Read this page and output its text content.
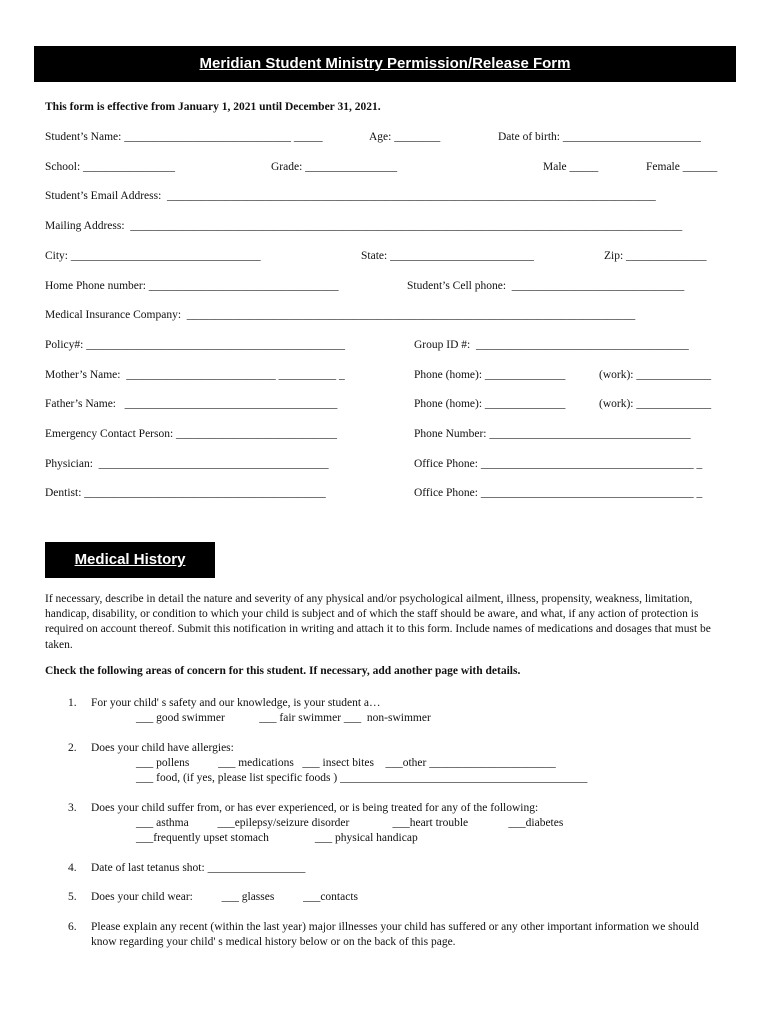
Meridian Student Ministry Permission/Release Form
This form is effective from January 1, 2021 until December 31, 2021.
Student’s Name: _____________________________ _____	Age: ________	Date of birth: ________________________
School: ________________	Grade: ________________	Male _____	Female ______
Student’s Email Address:  _____________________________________________________________________________________
Mailing Address:  ________________________________________________________________________________________________
City: _________________________________	State: _________________________	Zip: ______________
Home Phone number: _________________________________	Student’s Cell phone:  ______________________________
Medical Insurance Company:  ______________________________________________________________________________
Policy#: _____________________________________________	Group ID #:  _____________________________________
Mother’s Name:  __________________________ __________ _	Phone (home): ______________	(work): _____________
Father’s Name:   _____________________________________	Phone (home): ______________	(work): _____________
Emergency Contact Person: ____________________________	Phone Number: ___________________________________
Physician:  ________________________________________	Office Phone: _____________________________________ _
Dentist: __________________________________________	Office Phone: _____________________________________ _
Medical History
If necessary, describe in detail the nature and severity of any physical and/or psychological ailment, illness, propensity, weakness, limitation, handicap, disability, or condition to which your child is subject and of which the staff should be aware, and what, if any action of protection is required on account thereof. Submit this notification in writing and attach it to this form. Include names of medications and dosages that must be taken.
Check the following areas of concern for this student. If necessary, add another page with details.
1. For your child' s safety and our knowledge, is your student a…
___ good swimmer            ___ fair swimmer ___  non-swimmer
2. Does your child have allergies:
___ pollens          ___ medications   ___ insect bites    ___other ______________________
___ food, (if yes, please list specific foods ) ___________________________________________
3. Does your child suffer from, or has ever experienced, or is being treated for any of the following:
___ asthma          ___epilepsy/seizure disorder               ___heart trouble              ___diabetes
___frequently upset stomach                ___ physical handicap
4. Date of last tetanus shot: _________________
5. Does your child wear:          ___ glasses          ___contacts
6. Please explain any recent (within the last year) major illnesses your child has suffered or any other important information we should know regarding your child' s medical history below or on the back of this page.
